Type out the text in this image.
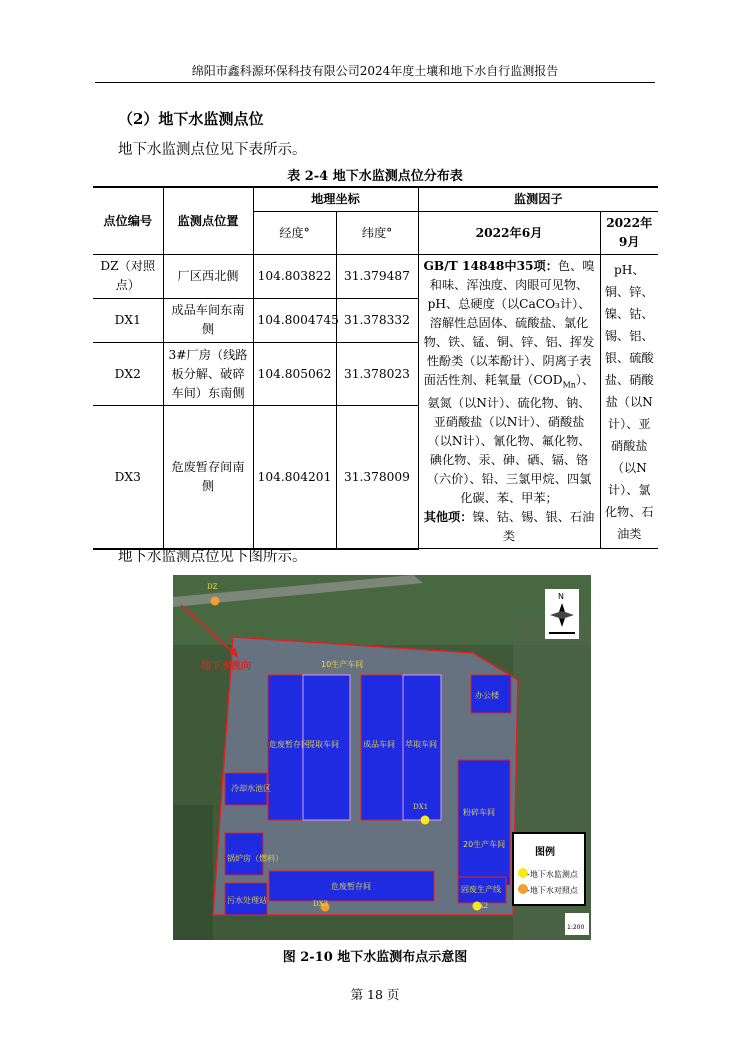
绵阳市鑫科源环保科技有限公司2024年度土壤和地下水自行监测报告
（2）地下水监测点位
地下水监测点位见下表所示。
表 2-4 地下水监测点位分布表
点位编号	监测点位置	地理坐标		监测因子	
		经度°	纬度°	2022年6月	2022年9月
DZ（对照点）	厂区西北侧	104.803822	31.379487	GB/T 14848中35项：色、嗅和味、浑浊度、肉眼可见物、pH、总硬度（以CaCO₃计）、溶解性总固体、硫酸盐、氯化物、铁、锰、铜、锌、铝、挥发性酚类（以苯酚计）、阴离子表面活性剂、耗氧量$(COD_{Mn})$、氨氮（以N计）、硫化物、钠、亚硝酸盐（以N计）、硝酸盐（以N计）、氰化物、氟化物、碘化物、汞、砷、硒、镉、铬（六价）、铅、三氯甲烷、四氯化碳、苯、甲苯；
其他项：镍、钴、锡、银、石油类	pH、铜、锌、镍、钴、锡、铝、银、硫酸盐、硝酸盐（以N计）、亚硝酸盐（以N计）、氯化物、石油类
DX1	成品车间东南侧	104.8004745	31.378332		
DX2	3#厂房（线路板分解、破碎车间）东南侧	104.805062	31.378023		
DX3	危废暂存间南侧	104.804201	31.378009		
地下水监测点位见下图所示。
10生产车间
办公楼
危废暂存区
提取车间	成品车间 萃取车间
冷却水池区
粉碎车间
20生产车间
锅炉房（燃料）
危废暂存间
污水处理站
固废生产线
地下水流向
DZ
DX1
DX2
DX3
N
图例
-地下水监测点
-地下水对照点
1:200
图 2-10 地下水监测布点示意图
第 18 页
